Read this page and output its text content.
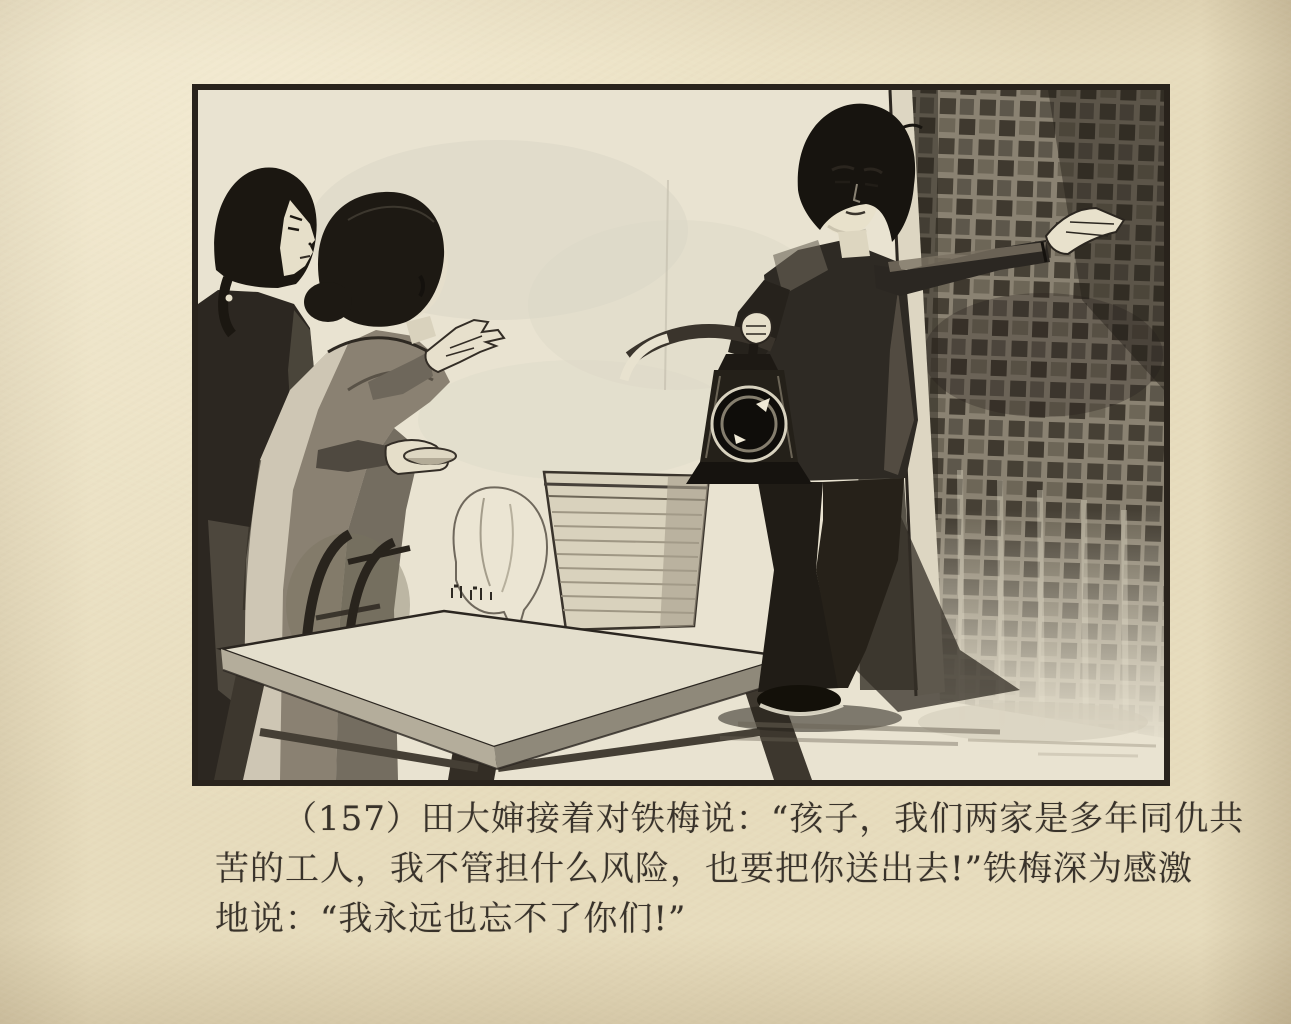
（157）田大婶接着对铁梅说：“孩子，我们两家是多年同仇共
苦的工人，我不管担什么风险，也要把你送出去!”铁梅深为感激
地说：“我永远也忘不了你们!”
